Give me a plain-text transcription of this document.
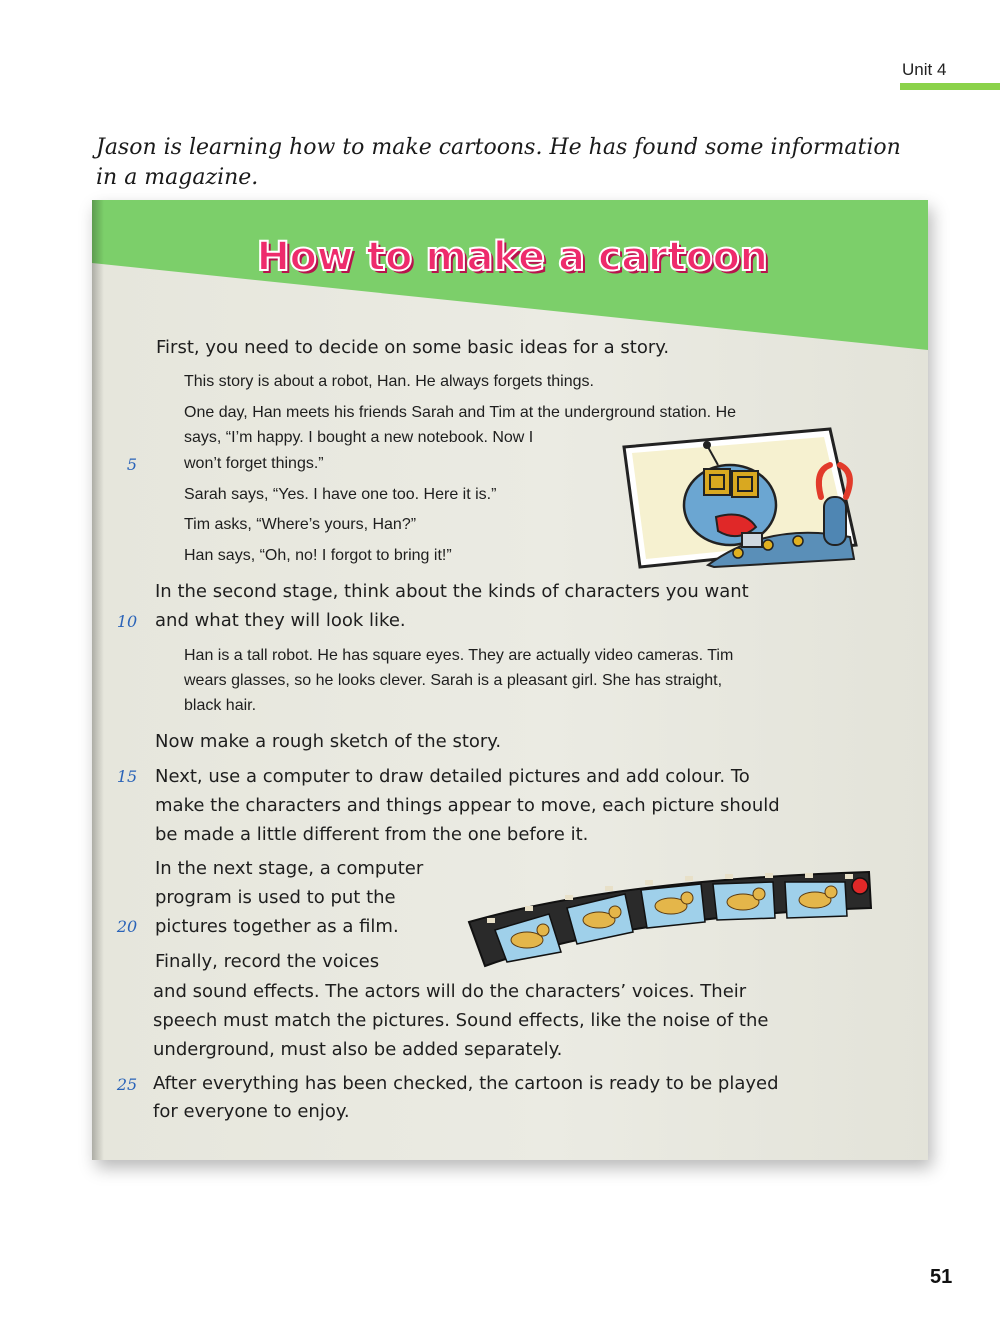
Unit 4
Jason is learning how to make cartoons. He has found some information in a magazine.
How to make a cartoon
5
10
15
20
25
First, you need to decide on some basic ideas for a story.
This story is about a robot, Han. He always forgets things.
One day, Han meets his friends Sarah and Tim at the underground station. He
says, “I’m happy. I bought a new notebook. Now I
won’t forget things.”
Sarah says, “Yes. I have one too. Here it is.”
Tim asks, “Where’s yours, Han?”
Han says, “Oh, no! I forgot to bring it!”
In the second stage, think about the kinds of characters you want
and what they will look like.
Han is a tall robot. He has square eyes. They are actually video cameras. Tim
wears glasses, so he looks clever. Sarah is a pleasant girl. She has straight,
black hair.
Now make a rough sketch of the story.
Next, use a computer to draw detailed pictures and add colour. To
make the characters and things appear to move, each picture should
be made a little different from the one before it.
In the next stage, a computer
program is used to put the
pictures together as a film.
Finally, record the voices
and sound effects. The actors will do the characters’ voices. Their
speech must match the pictures. Sound effects, like the noise of the
underground, must also be added separately.
After everything has been checked, the cartoon is ready to be played
for everyone to enjoy.
51
